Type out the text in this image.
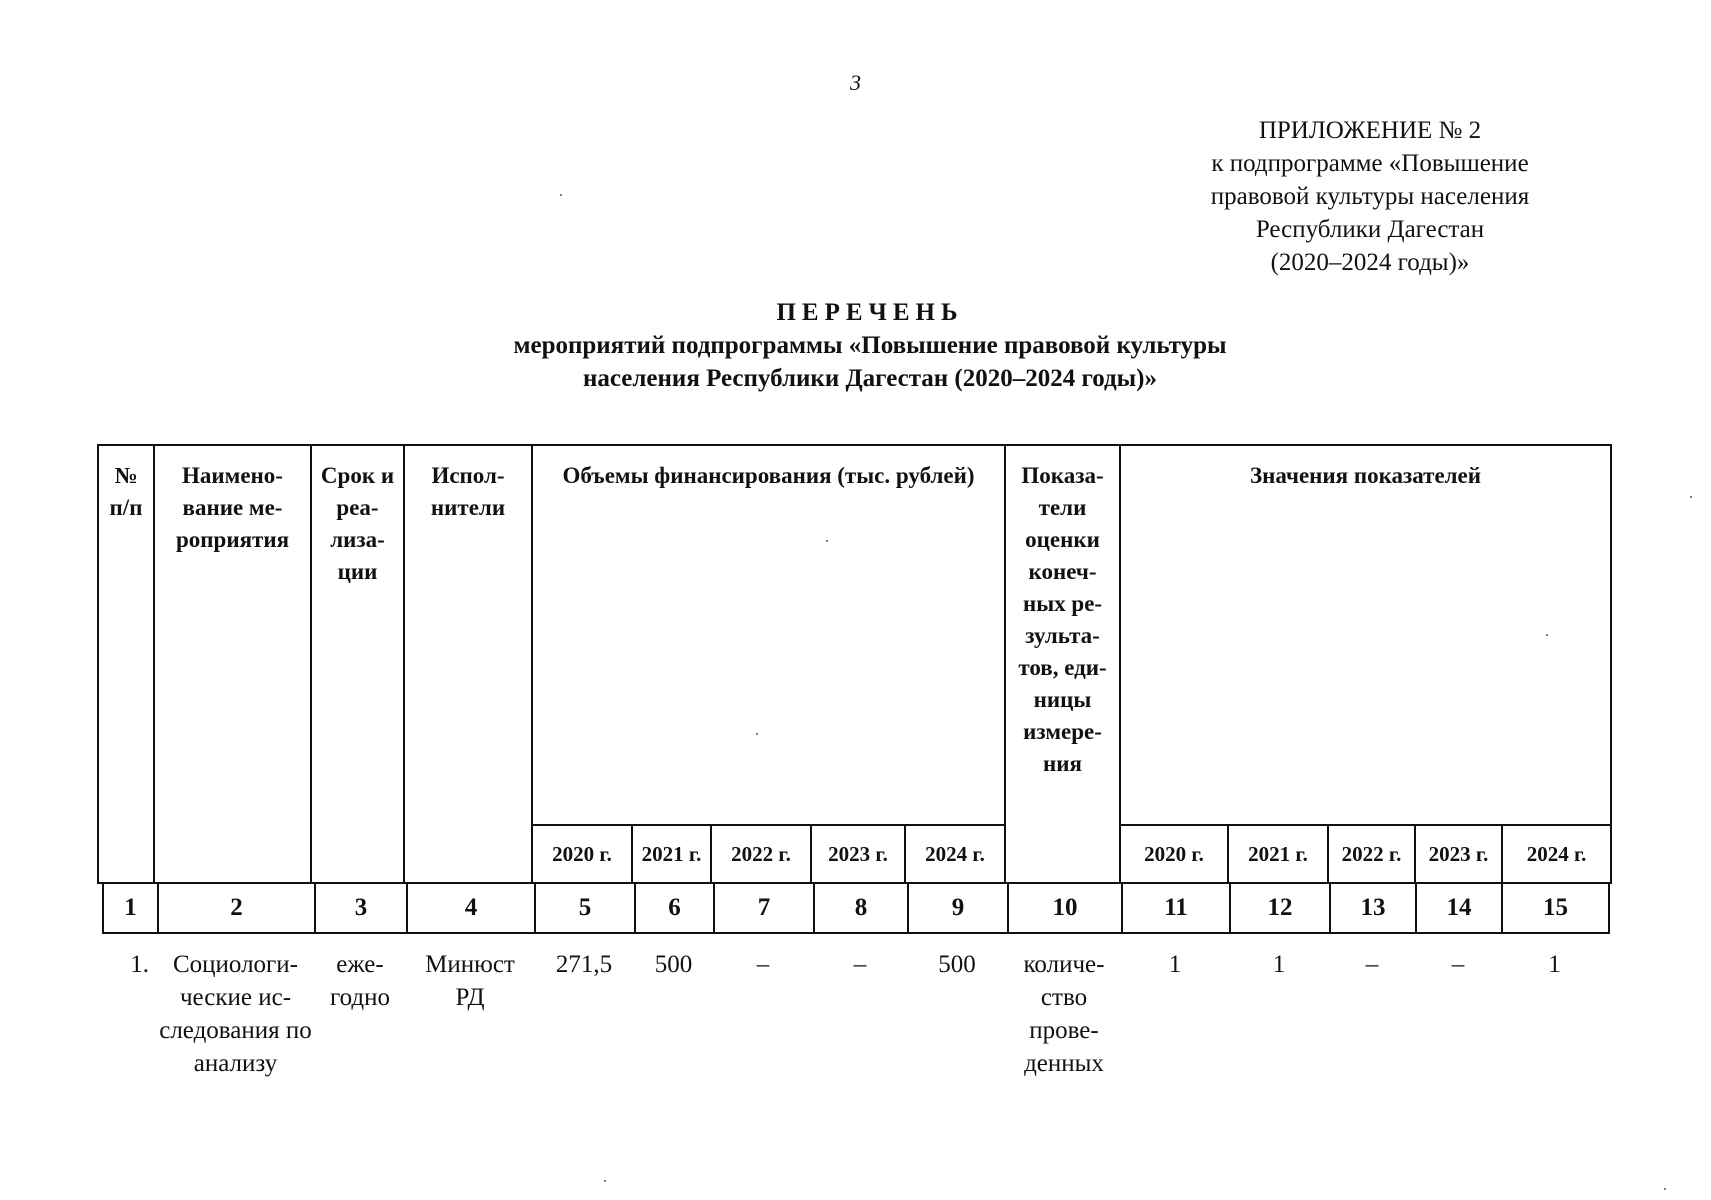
3
ПРИЛОЖЕНИЕ № 2
к подпрограмме «Повышение
правовой культуры населения
Республики Дагестан
(2020–2024 годы)»
ПЕРЕЧЕНЬ
мероприятий подпрограммы «Повышение правовой культуры
населения Республики Дагестан (2020–2024 годы)»
№ п/п	Наимено-вание ме-роприятия	Срок и реа-лиза-ции	Испол-нители	Объемы финансирования (тыс. рублей)					Показа-тели оценки конеч-ных ре-зульта-тов, еди-ницы измере-ния	Значения показателей				
				2020 г.	2021 г.	2022 г.	2023 г.	2024 г.		2020 г.	2021 г.	2022 г.	2023 г.	2024 г.
1	2	3	4	5	6	7	8	9	10	11	12	13	14	15
1.	Социологи-ческие ис-следования по анализу	еже-годно	Минюст РД	271,5	500	–	–	500	количе-ство прове-денных	1	1	–	–	1
